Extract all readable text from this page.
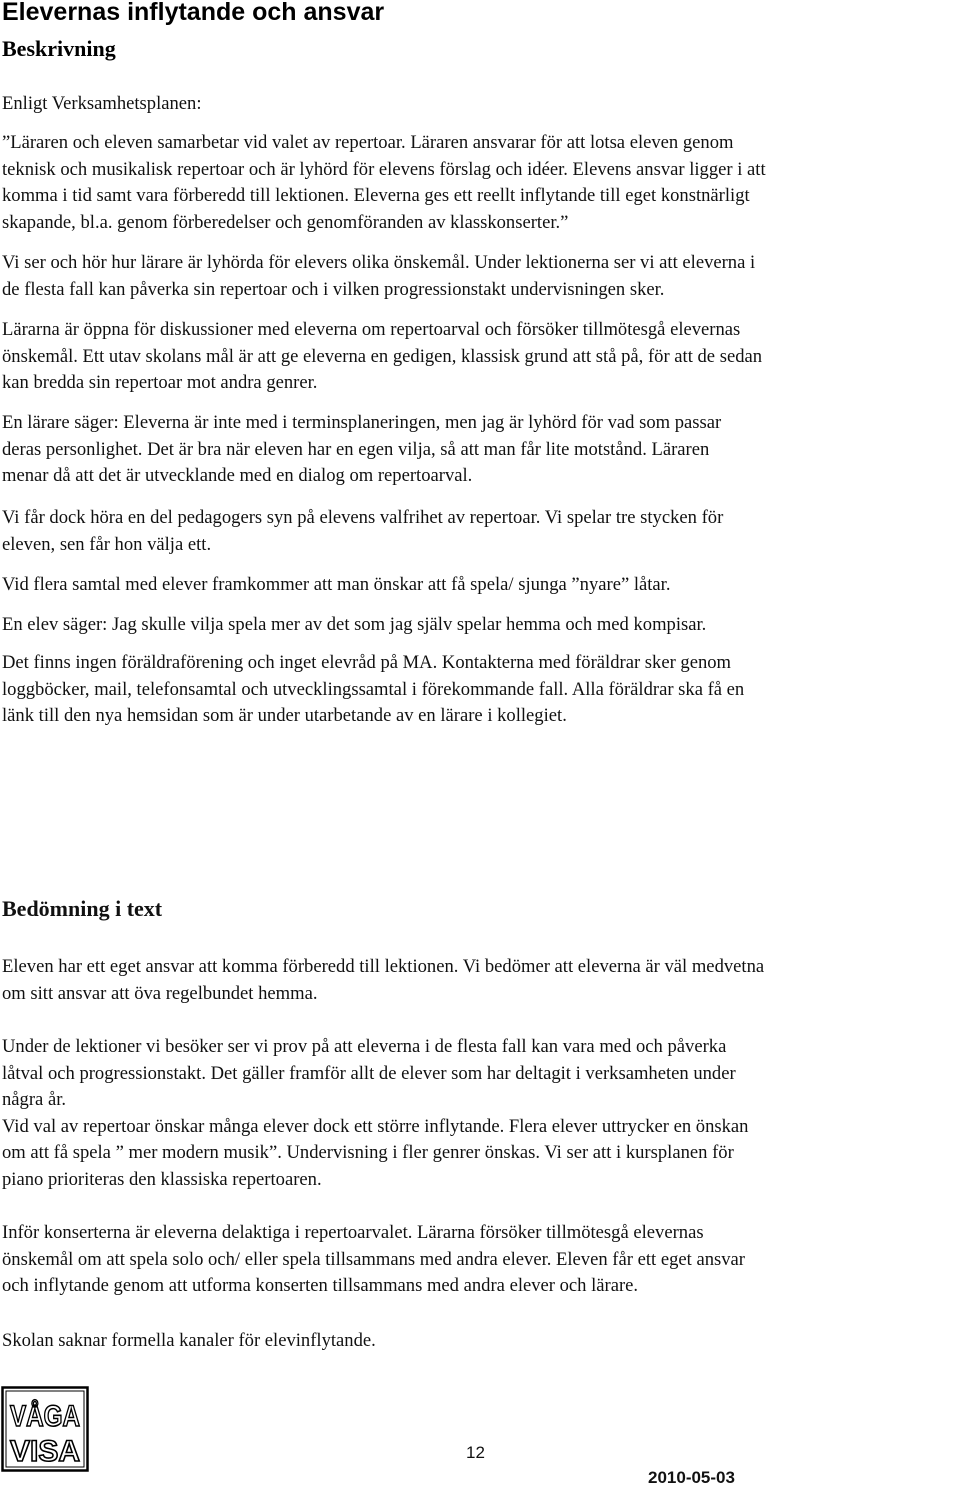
Elevernas inflytande och ansvar
Beskrivning

Enligt Verksamhetsplanen:

”Läraren och eleven samarbetar vid valet av repertoar. Läraren ansvarar för att lotsa eleven genom
teknisk och musikalisk repertoar och är lyhörd för elevens förslag och idéer. Elevens ansvar ligger i att
komma i tid samt vara förberedd till lektionen. Eleverna ges ett reellt inflytande till eget konstnärligt
skapande, bl.a. genom förberedelser och genomföranden av klasskonserter.”

Vi ser och hör hur lärare är lyhörda för elevers olika önskemål. Under lektionerna ser vi att eleverna i
de flesta fall kan påverka sin repertoar och i vilken progressionstakt undervisningen sker.

Lärarna är öppna för diskussioner med eleverna om repertoarval och försöker tillmötesgå elevernas
önskemål. Ett utav skolans mål är att ge eleverna en gedigen, klassisk grund att stå på, för att de sedan
kan bredda sin repertoar mot andra genrer.

En lärare säger: Eleverna är inte med i terminsplaneringen, men jag är lyhörd för vad som passar
deras personlighet. Det är bra när eleven har en egen vilja, så att man får lite motstånd. Läraren
menar då att det är utvecklande med en dialog om repertoarval.

Vi får dock höra en del pedagogers syn på elevens valfrihet av repertoar. Vi spelar tre stycken för
eleven, sen får hon välja ett.

Vid flera samtal med elever framkommer att man önskar att få spela/ sjunga ”nyare” låtar.

En elev säger: Jag skulle vilja spela mer av det som jag själv spelar hemma och med kompisar.

Det finns ingen föräldraförening och inget elevråd på MA. Kontakterna med föräldrar sker genom
loggböcker, mail, telefonsamtal och utvecklingssamtal i förekommande fall. Alla föräldrar ska få en
länk till den nya hemsidan som är under utarbetande av en lärare i kollegiet.

Bedömning i text

Eleven har ett eget ansvar att komma förberedd till lektionen. Vi bedömer att eleverna är väl medvetna
om sitt ansvar att öva regelbundet hemma.

Under de lektioner vi besöker ser vi prov på att eleverna i de flesta fall kan vara med och påverka
låtval och progressionstakt. Det gäller framför allt de elever som har deltagit i verksamheten under
några år.
Vid val av repertoar önskar många elever dock ett större inflytande. Flera elever uttrycker en önskan
om att få spela ” mer modern musik”. Undervisning i fler genrer önskas. Vi ser att i kursplanen för
piano prioriteras den klassiska repertoaren.

Inför konserterna är eleverna delaktiga i repertoarvalet. Lärarna försöker tillmötesgå elevernas
önskemål om att spela solo och/ eller spela tillsammans med andra elever. Eleven får ett eget ansvar
och inflytande genom att utforma konserten tillsammans med andra elever och lärare.

Skolan saknar formella kanaler för elevinflytande.

VÅGA
VISA	12

2010-05-03
